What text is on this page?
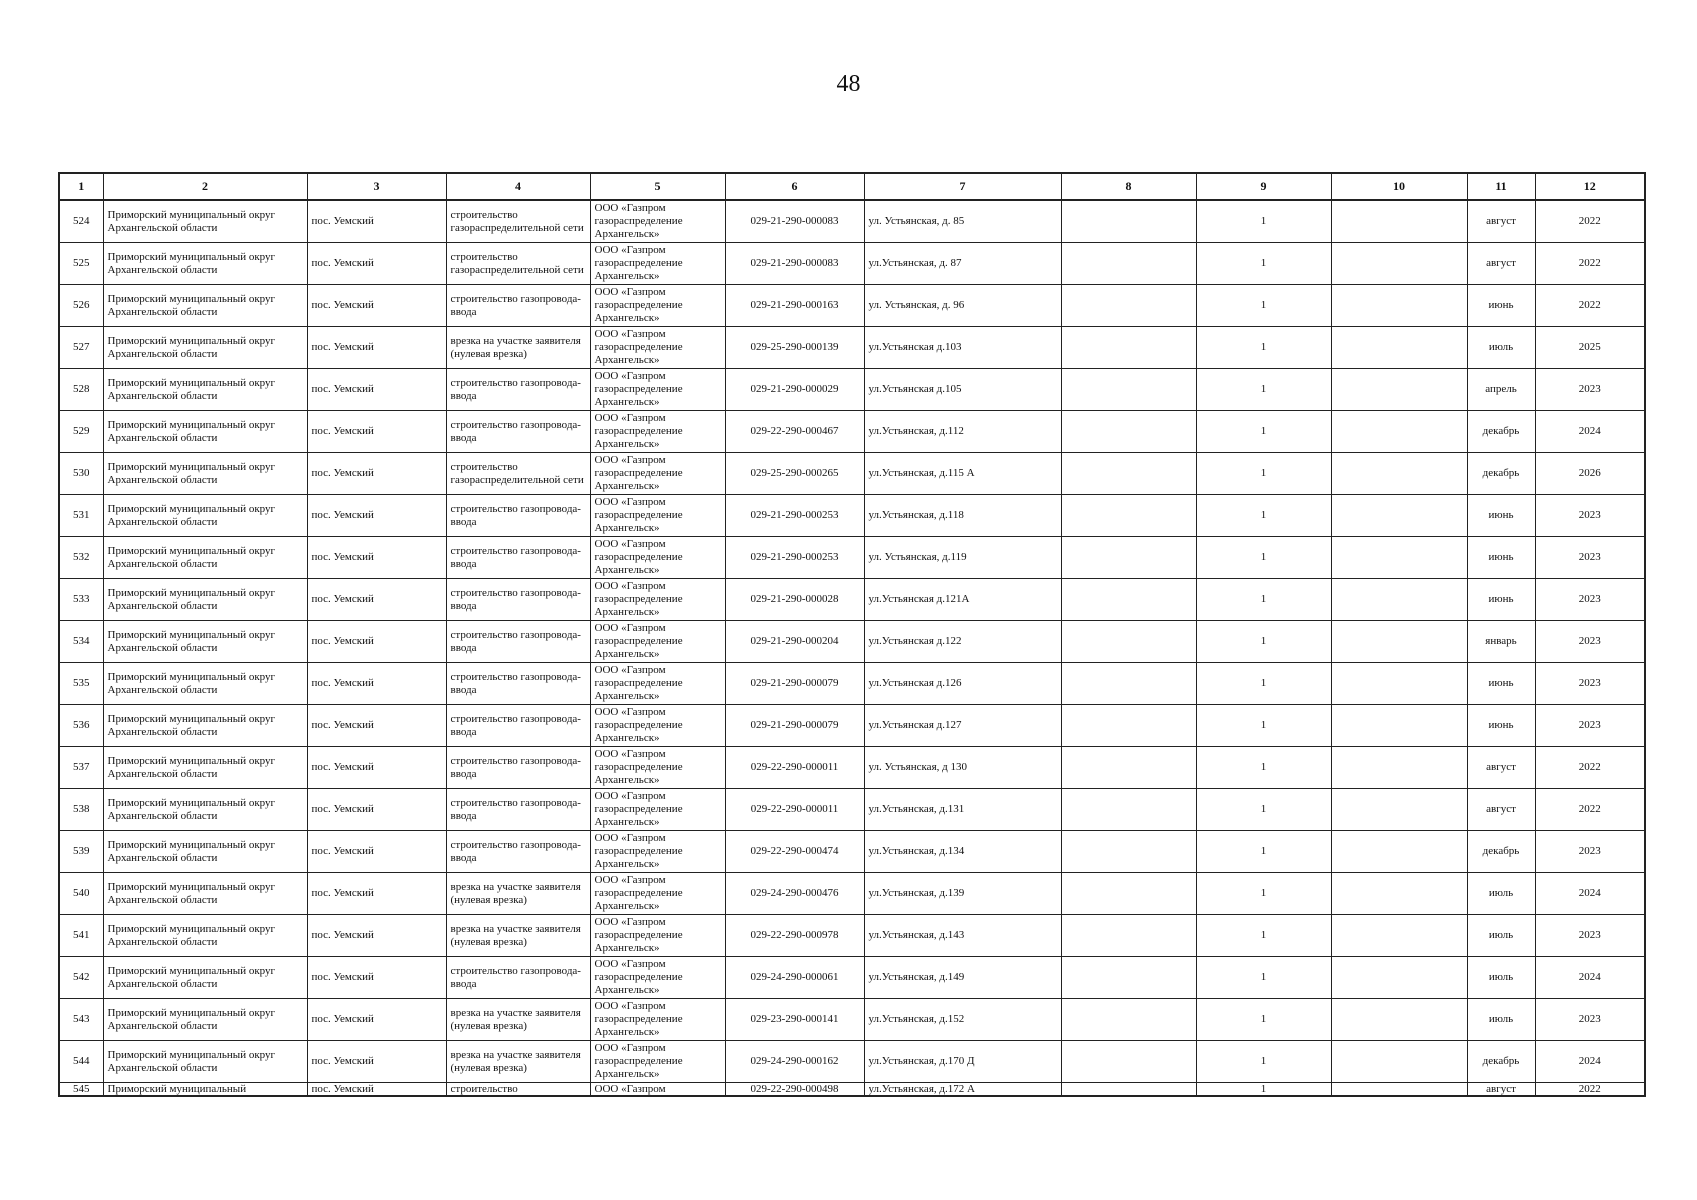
48
1	2	3	4	5	6	7	8	9	10	11	12
524	Приморский муниципальный округ Архангельской области	пос. Уемский	строительство газораспределительной сети	ООО «Газпром газораспределение Архангельск»	029-21-290-000083	ул. Устьянская, д. 85		1		август	2022
525	Приморский муниципальный округ Архангельской области	пос. Уемский	строительство газораспределительной сети	ООО «Газпром газораспределение Архангельск»	029-21-290-000083	ул.Устьянская, д. 87		1		август	2022
526	Приморский муниципальный округ Архангельской области	пос. Уемский	строительство газопровода-ввода	ООО «Газпром газораспределение Архангельск»	029-21-290-000163	ул. Устьянская, д. 96		1		июнь	2022
527	Приморский муниципальный округ Архангельской области	пос. Уемский	врезка на участке заявителя (нулевая врезка)	ООО «Газпром газораспределение Архангельск»	029-25-290-000139	ул.Устьянская д.103		1		июль	2025
528	Приморский муниципальный округ Архангельской области	пос. Уемский	строительство газопровода-ввода	ООО «Газпром газораспределение Архангельск»	029-21-290-000029	ул.Устьянская д.105		1		апрель	2023
529	Приморский муниципальный округ Архангельской области	пос. Уемский	строительство газопровода-ввода	ООО «Газпром газораспределение Архангельск»	029-22-290-000467	ул.Устьянская, д.112		1		декабрь	2024
530	Приморский муниципальный округ Архангельской области	пос. Уемский	строительство газораспределительной сети	ООО «Газпром газораспределение Архангельск»	029-25-290-000265	ул.Устьянская, д.115 А		1		декабрь	2026
531	Приморский муниципальный округ Архангельской области	пос. Уемский	строительство газопровода-ввода	ООО «Газпром газораспределение Архангельск»	029-21-290-000253	ул.Устьянская, д.118		1		июнь	2023
532	Приморский муниципальный округ Архангельской области	пос. Уемский	строительство газопровода-ввода	ООО «Газпром газораспределение Архангельск»	029-21-290-000253	ул. Устьянская, д.119		1		июнь	2023
533	Приморский муниципальный округ Архангельской области	пос. Уемский	строительство газопровода-ввода	ООО «Газпром газораспределение Архангельск»	029-21-290-000028	ул.Устьянская д.121А		1		июнь	2023
534	Приморский муниципальный округ Архангельской области	пос. Уемский	строительство газопровода-ввода	ООО «Газпром газораспределение Архангельск»	029-21-290-000204	ул.Устьянская д.122		1		январь	2023
535	Приморский муниципальный округ Архангельской области	пос. Уемский	строительство газопровода-ввода	ООО «Газпром газораспределение Архангельск»	029-21-290-000079	ул.Устьянская д.126		1		июнь	2023
536	Приморский муниципальный округ Архангельской области	пос. Уемский	строительство газопровода-ввода	ООО «Газпром газораспределение Архангельск»	029-21-290-000079	ул.Устьянская д.127		1		июнь	2023
537	Приморский муниципальный округ Архангельской области	пос. Уемский	строительство газопровода-ввода	ООО «Газпром газораспределение Архангельск»	029-22-290-000011	ул. Устьянская, д 130		1		август	2022
538	Приморский муниципальный округ Архангельской области	пос. Уемский	строительство газопровода-ввода	ООО «Газпром газораспределение Архангельск»	029-22-290-000011	ул.Устьянская, д.131		1		август	2022
539	Приморский муниципальный округ Архангельской области	пос. Уемский	строительство газопровода-ввода	ООО «Газпром газораспределение Архангельск»	029-22-290-000474	ул.Устьянская, д.134		1		декабрь	2023
540	Приморский муниципальный округ Архангельской области	пос. Уемский	врезка на участке заявителя (нулевая врезка)	ООО «Газпром газораспределение Архангельск»	029-24-290-000476	ул.Устьянская, д.139		1		июль	2024
541	Приморский муниципальный округ Архангельской области	пос. Уемский	врезка на участке заявителя (нулевая врезка)	ООО «Газпром газораспределение Архангельск»	029-22-290-000978	ул.Устьянская, д.143		1		июль	2023
542	Приморский муниципальный округ Архангельской области	пос. Уемский	строительство газопровода-ввода	ООО «Газпром газораспределение Архангельск»	029-24-290-000061	ул.Устьянская, д.149		1		июль	2024
543	Приморский муниципальный округ Архангельской области	пос. Уемский	врезка на участке заявителя (нулевая врезка)	ООО «Газпром газораспределение Архангельск»	029-23-290-000141	ул.Устьянская, д.152		1		июль	2023
544	Приморский муниципальный округ Архангельской области	пос. Уемский	врезка на участке заявителя (нулевая врезка)	ООО «Газпром газораспределение Архангельск»	029-24-290-000162	ул.Устьянская, д.170 Д		1		декабрь	2024

545	Приморский муниципальный	пос. Уемский	строительство	ООО «Газпром	029-22-290-000498	ул.Устьянская, д.172 А		1		август	2022
